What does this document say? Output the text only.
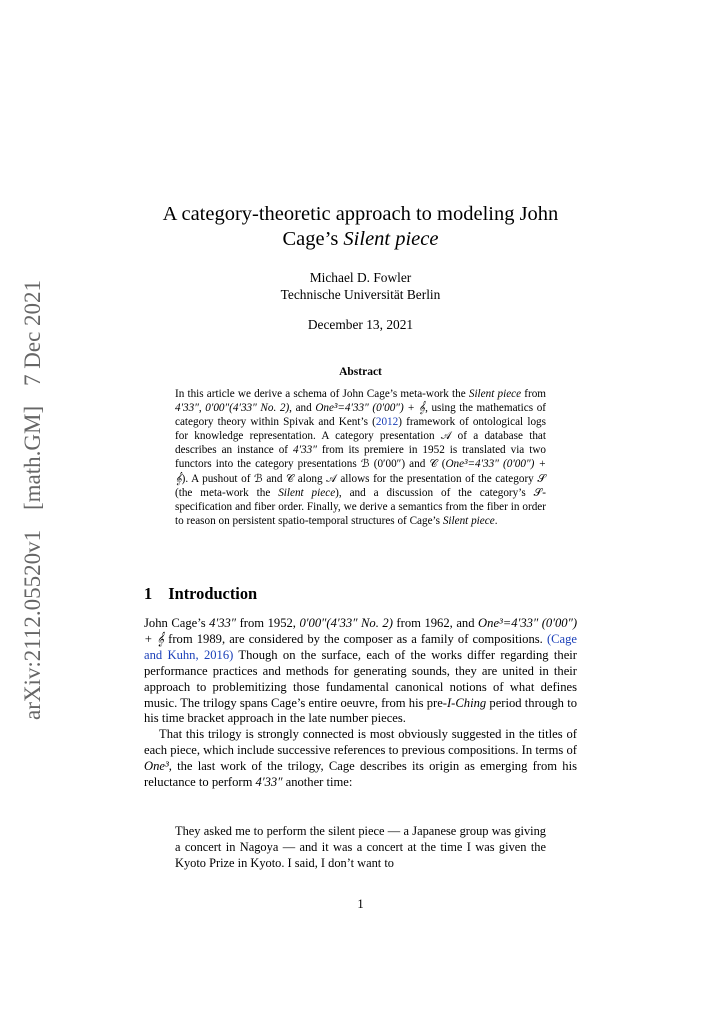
arXiv:2112.05520v1 [math.GM] 7 Dec 2021
A category-theoretic approach to modeling John
Cage’s Silent piece
Michael D. Fowler
Technische Universität Berlin
December 13, 2021
Abstract

In this article we derive a schema of John Cage’s meta-work the Silent piece from 4′33″, 0′00″(4′33″ No. 2), and One³=4′33″ (0′00″) + 𝄞, using the mathematics of category theory within Spivak and Kent’s (2012) framework of ontological logs for knowledge representation. A category presentation 𝒜 of a database that describes an instance of 4′33″ from its premiere in 1952 is translated via two functors into the category presentations ℬ (0′00″) and 𝒞 (One³=4′33″ (0′00″) + 𝄞). A pushout of ℬ and 𝒞 along 𝒜 allows for the presentation of the category 𝒮 (the meta-work the Silent piece), and a discussion of the category’s 𝒮-specification and fiber order. Finally, we derive a semantics from the fiber in order to reason on persistent spatio-temporal structures of Cage’s Silent piece.

1 Introduction

John Cage’s 4′33″ from 1952, 0′00″(4′33″ No. 2) from 1962, and One³=4′33″ (0′00″) + 𝄞 from 1989, are considered by the composer as a family of compositions. (Cage and Kuhn, 2016) Though on the surface, each of the works differ regarding their performance practices and methods for generating sounds, they are united in their approach to problemitizing those fundamental canonical notions of what defines music. The trilogy spans Cage’s entire oeuvre, from his pre-I-Ching period through to his time bracket approach in the late number pieces.

That this trilogy is strongly connected is most obviously suggested in the titles of each piece, which include successive references to previous compositions. In terms of One³, the last work of the trilogy, Cage describes its origin as emerging from his reluctance to perform 4′33″ another time:

They asked me to perform the silent piece — a Japanese group was giving a concert in Nagoya — and it was a concert at the time I was given the Kyoto Prize in Kyoto. I said, I don’t want to

1
